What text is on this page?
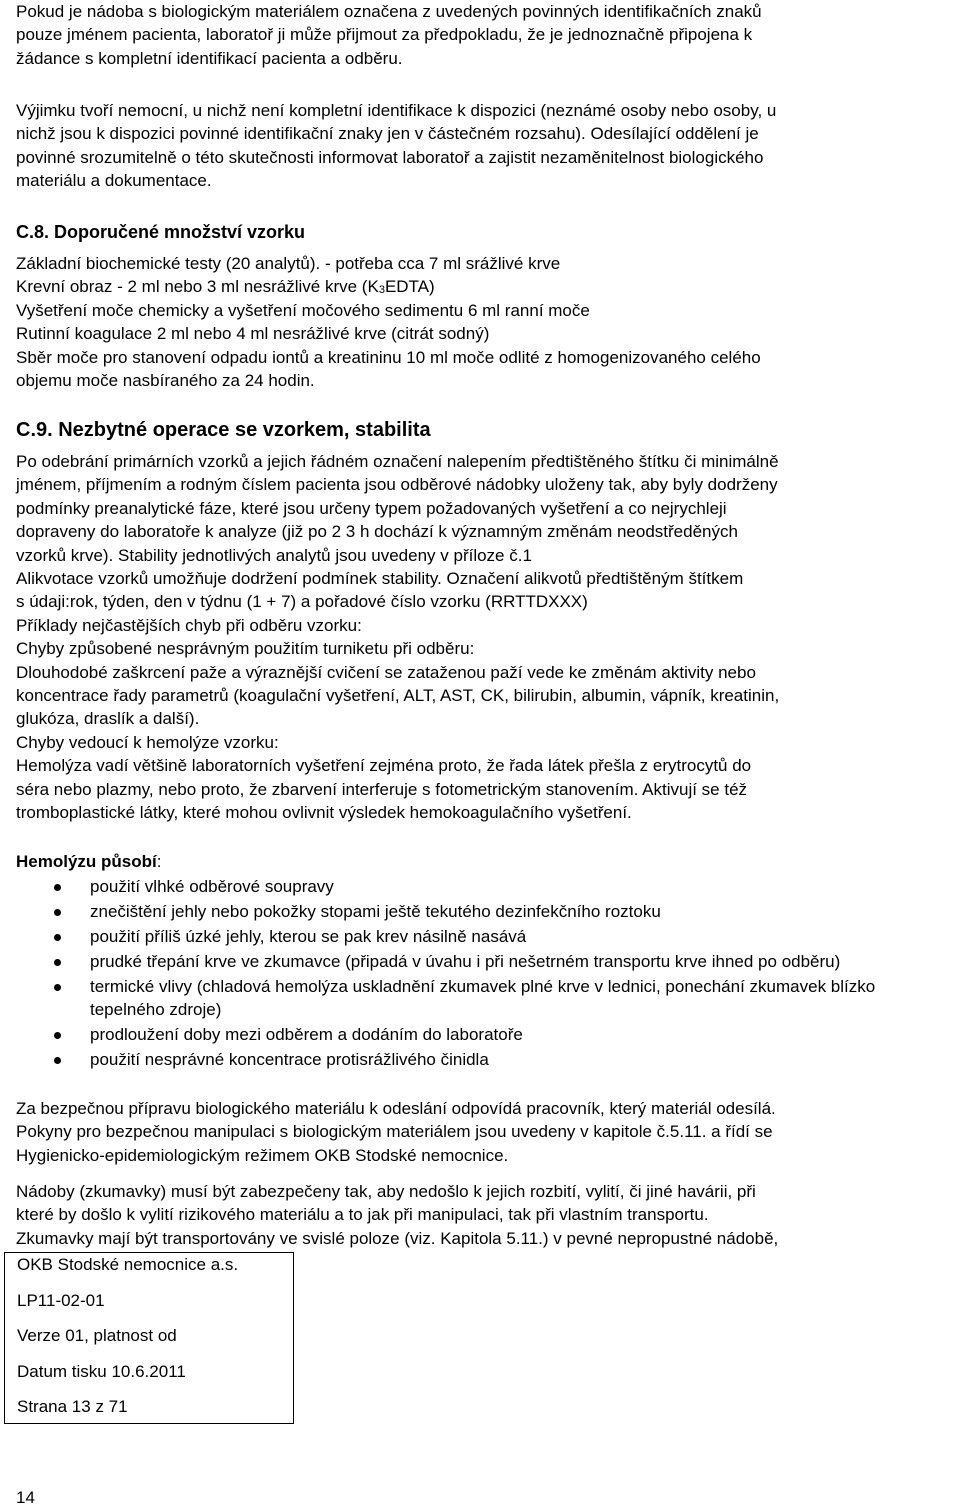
Pokud je nádoba s biologickým materiálem označena z uvedených povinných identifikačních znaků
pouze jménem pacienta, laboratoř ji může přijmout za předpokladu, že je jednoznačně připojena k
žádance s kompletní identifikací pacienta a odběru.
Výjimku tvoří nemocní, u nichž není kompletní identifikace k dispozici (neznámé osoby nebo osoby, u
nichž jsou k dispozici povinné identifikační znaky jen v částečném rozsahu). Odesílající oddělení je
povinné srozumitelně o této skutečnosti informovat laboratoř a zajistit nezaměnitelnost biologického
materiálu a dokumentace.
C.8. Doporučené množství vzorku
Základní biochemické testy (20 analytů). - potřeba cca 7 ml srážlivé krve
Krevní obraz - 2 ml nebo 3 ml nesrážlivé krve $(K_3EDTA)$
Vyšetření moče chemicky a vyšetření močového sedimentu 6 ml ranní moče
Rutinní koagulace 2 ml nebo 4 ml nesrážlivé krve (citrát sodný)
Sběr moče pro stanovení odpadu iontů a kreatininu 10 ml moče odlité z homogenizovaného celého
objemu moče nasbíraného za 24 hodin.
C.9. Nezbytné operace se vzorkem, stabilita
Po odebrání primárních vzorků a jejich řádném označení nalepením předtištěného štítku či minimálně
jménem, příjmením a rodným číslem pacienta jsou odběrové nádobky uloženy tak, aby byly dodrženy
podmínky preanalytické fáze, které jsou určeny typem požadovaných vyšetření a co nejrychleji
dopraveny do laboratoře k analyze (již po 2 3 h dochází k významným změnám neodstředěných
vzorků krve). Stability jednotlivých analytů jsou uvedeny v příloze č.1
Alikvotace vzorků umožňuje dodržení podmínek stability. Označení alikvotů předtištěným štítkem
s údaji:rok, týden, den v týdnu (1 + 7) a pořadové číslo vzorku (RRTTDXXX)
Příklady nejčastějších chyb při odběru vzorku:
Chyby způsobené nesprávným použitím turniketu při odběru:
Dlouhodobé zaškrcení paže a výraznější cvičení se zataženou paží vede ke změnám aktivity nebo
koncentrace řady parametrů (koagulační vyšetření, ALT, AST, CK, bilirubin, albumin, vápník, kreatinin,
glukóza, draslík a další).
Chyby vedoucí k hemolýze vzorku:
Hemolýza vadí většině laboratorních vyšetření zejména proto, že řada látek přešla z erytrocytů do
séra nebo plazmy, nebo proto, že zbarvení interferuje s fotometrickým stanovením. Aktivují se též
tromboplastické látky, které mohou ovlivnit výsledek hemokoagulačního vyšetření.
Hemolýzu působí:
použití vlhké odběrové soupravy
znečištění jehly nebo pokožky stopami ještě tekutého dezinfekčního roztoku
použití příliš úzké jehly, kterou se pak krev násilně nasává
prudké třepání krve ve zkumavce (připadá v úvahu i při nešetrném transportu krve ihned po odběru)
termické vlivy (chladová hemolýza uskladnění zkumavek plné krve v lednici, ponechání zkumavek blízko tepelného zdroje)
prodloužení doby mezi odběrem a dodáním do laboratoře
použití nesprávné koncentrace protisrážlivého činidla
Za bezpečnou přípravu biologického materiálu k odeslání odpovídá pracovník, který materiál odesílá.
Pokyny pro bezpečnou manipulaci s biologickým materiálem jsou uvedeny v kapitole č.5.11. a řídí se
Hygienicko-epidemiologickým režimem OKB Stodské nemocnice.
Nádoby (zkumavky) musí být zabezpečeny tak, aby nedošlo k jejich rozbití, vylití, či jiné havárii, při
které by došlo k vylití rizikového materiálu a to jak při manipulaci, tak při vlastním transportu.
Zkumavky mají být transportovány ve svislé poloze (viz. Kapitola 5.11.) v pevné nepropustné nádobě,
OKB Stodské nemocnice a.s.
LP11-02-01
Verze 01, platnost od
Datum tisku 10.6.2011
Strana 13 z 71
14
